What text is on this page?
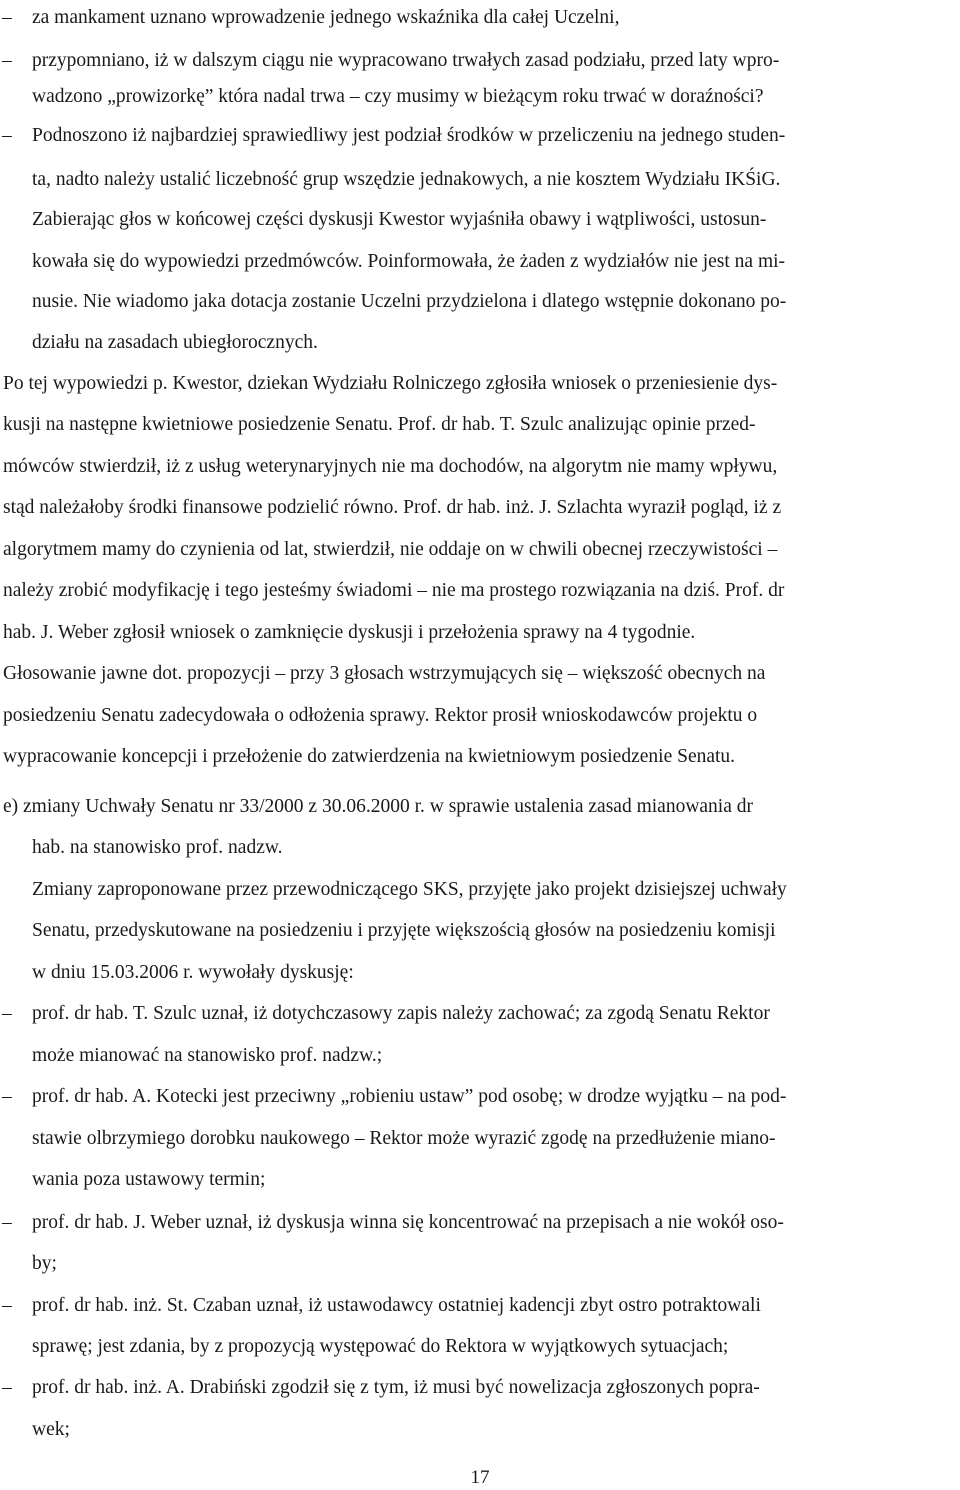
–
–
–
–
–
–
–
–
za mankament uznano wprowadzenie jednego wskaźnika dla całej Uczelni,
przypomniano, iż w dalszym ciągu nie wypracowano trwałych zasad podziału, przed laty wpro-
wadzono „prowizorkę” która nadal trwa – czy musimy w bieżącym roku trwać w doraźności?
Podnoszono iż najbardziej sprawiedliwy jest podział środków w przeliczeniu na jednego studen-
ta, nadto należy ustalić liczebność grup wszędzie jednakowych, a nie kosztem Wydziału IKŚiG.
Zabierając głos w końcowej części dyskusji Kwestor wyjaśniła obawy i wątpliwości, ustosun-
kowała się do wypowiedzi przedmówców. Poinformowała, że żaden z wydziałów nie jest na mi-
nusie. Nie wiadomo jaka dotacja zostanie Uczelni przydzielona i dlatego wstępnie dokonano po-
działu na zasadach ubiegłorocznych.
Po tej wypowiedzi p. Kwestor, dziekan Wydziału Rolniczego zgłosiła wniosek o przeniesienie dys-
kusji na następne kwietniowe posiedzenie Senatu. Prof. dr hab. T. Szulc analizując opinie przed-
mówców stwierdził, iż z usług weterynaryjnych nie ma dochodów, na algorytm nie mamy wpływu,
stąd należałoby środki finansowe podzielić równo. Prof. dr hab. inż. J. Szlachta wyraził pogląd, iż z
algorytmem mamy do czynienia od lat, stwierdził, nie oddaje on w chwili obecnej rzeczywistości –
należy zrobić modyfikację i tego jesteśmy świadomi – nie ma prostego rozwiązania na dziś. Prof. dr
hab. J. Weber zgłosił wniosek o zamknięcie dyskusji i przełożenia sprawy na 4 tygodnie.
Głosowanie jawne dot. propozycji – przy 3 głosach wstrzymujących się – większość obecnych na
posiedzeniu Senatu zadecydowała o odłożenia sprawy. Rektor prosił wnioskodawców projektu o
wypracowanie koncepcji i przełożenie do zatwierdzenia na kwietniowym posiedzenie Senatu.
e) zmiany Uchwały Senatu nr 33/2000 z 30.06.2000 r. w sprawie ustalenia zasad mianowania dr
hab. na stanowisko prof. nadzw.
Zmiany zaproponowane przez przewodniczącego SKS, przyjęte jako projekt dzisiejszej uchwały
Senatu, przedyskutowane na posiedzeniu i przyjęte większością głosów na posiedzeniu komisji
w dniu 15.03.2006 r. wywołały dyskusję:
prof. dr hab. T. Szulc uznał, iż dotychczasowy zapis należy zachować; za zgodą Senatu Rektor
może mianować na stanowisko prof. nadzw.;
prof. dr hab. A. Kotecki jest przeciwny „robieniu ustaw” pod osobę; w drodze wyjątku – na pod-
stawie olbrzymiego dorobku naukowego – Rektor może wyrazić zgodę na przedłużenie miano-
wania poza ustawowy termin;
prof. dr hab. J. Weber uznał, iż dyskusja winna się koncentrować na przepisach a nie wokół oso-
by;
prof. dr hab. inż. St. Czaban uznał, iż ustawodawcy ostatniej kadencji zbyt ostro potraktowali
sprawę; jest zdania, by z propozycją występować do Rektora w wyjątkowych sytuacjach;
prof. dr hab. inż. A. Drabiński zgodził się z tym, iż musi być nowelizacja zgłoszonych popra-
wek;
17
